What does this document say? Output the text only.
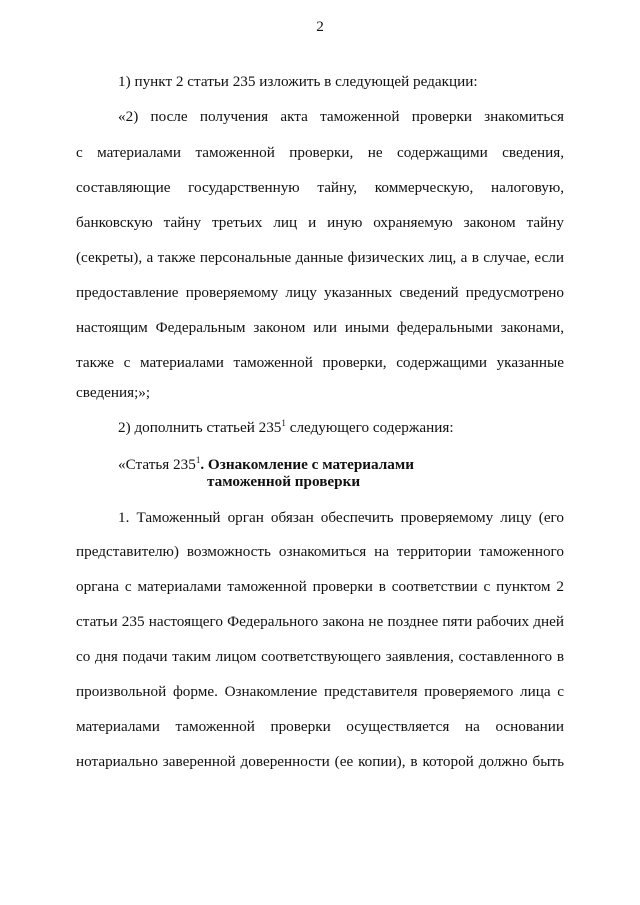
2
1) пункт 2 статьи 235 изложить в следующей редакции:
«2) после получения акта таможенной проверки знакомиться
с материалами таможенной проверки, не содержащими сведения,
составляющие государственную тайну, коммерческую, налоговую,
банковскую тайну третьих лиц и иную охраняемую законом тайну
(секреты), а также персональные данные физических лиц, а в случае, если
предоставление проверяемому лицу указанных сведений предусмотрено
настоящим Федеральным законом или иными федеральными законами,
также с материалами таможенной проверки, содержащими указанные
сведения;»;
2) дополнить статьей $235^1$ следующего содержания:
«Статья $235^1$. Ознакомление с материалами
таможенной проверки
1. Таможенный орган обязан обеспечить проверяемому лицу (его
представителю) возможность ознакомиться на территории таможенного
органа с материалами таможенной проверки в соответствии с пунктом 2
статьи 235 настоящего Федерального закона не позднее пяти рабочих дней
со дня подачи таким лицом соответствующего заявления, составленного в
произвольной форме. Ознакомление представителя проверяемого лица с
материалами таможенной проверки осуществляется на основании
нотариально заверенной доверенности (ее копии), в которой должно быть
